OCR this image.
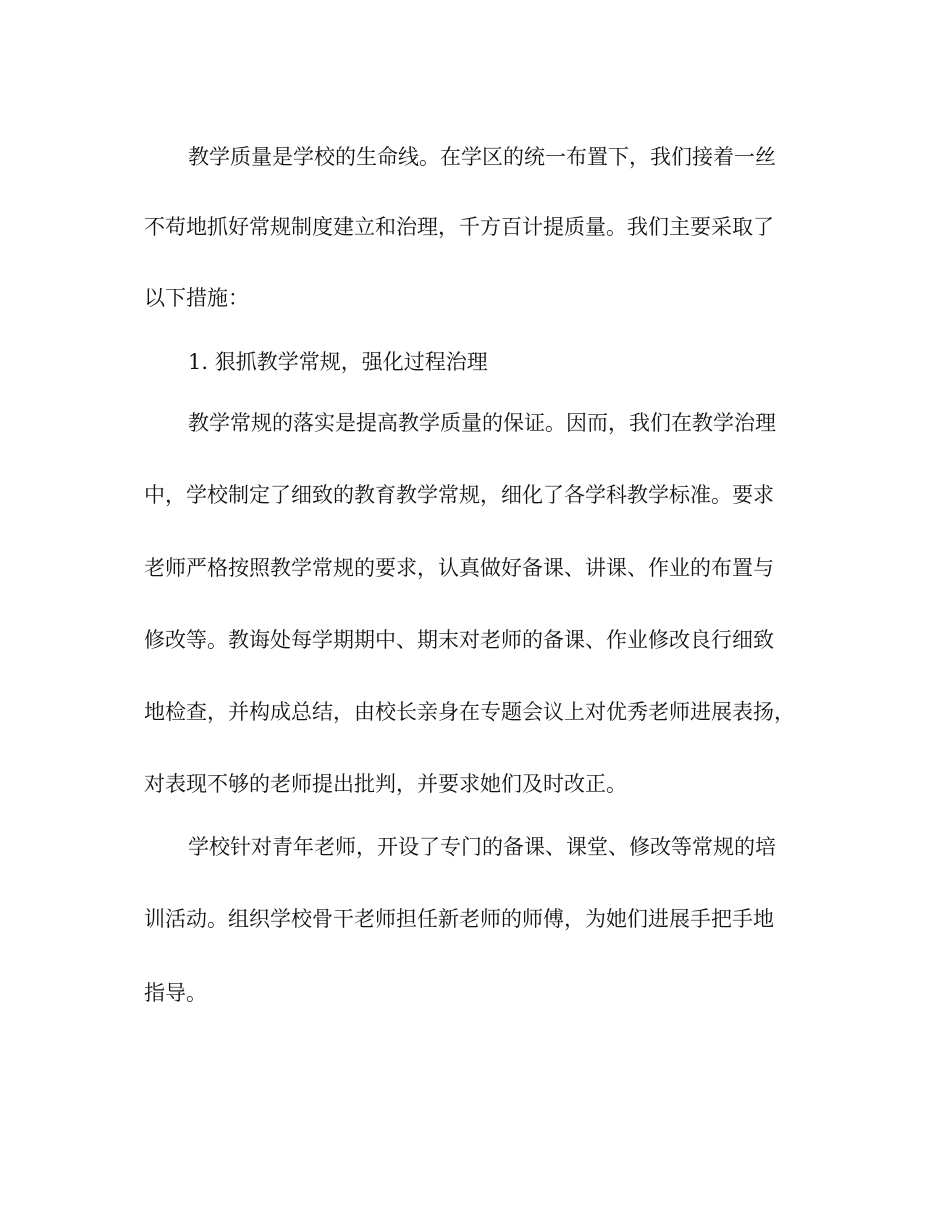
教学质量是学校的生命线。在学区的统一布置下，我们接着一丝

不苟地抓好常规制度建立和治理，千方百计提质量。我们主要采取了

以下措施：

1. 狠抓教学常规，强化过程治理

教学常规的落实是提高教学质量的保证。因而，我们在教学治理

中，学校制定了细致的教育教学常规，细化了各学科教学标准。要求

老师严格按照教学常规的要求，认真做好备课、讲课、作业的布置与

修改等。教诲处每学期期中、期末对老师的备课、作业修改良行细致

地检查，并构成总结，由校长亲身在专题会议上对优秀老师进展表扬，

对表现不够的老师提出批判，并要求她们及时改正。

学校针对青年老师，开设了专门的备课、课堂、修改等常规的培

训活动。组织学校骨干老师担任新老师的师傅，为她们进展手把手地

指导。
